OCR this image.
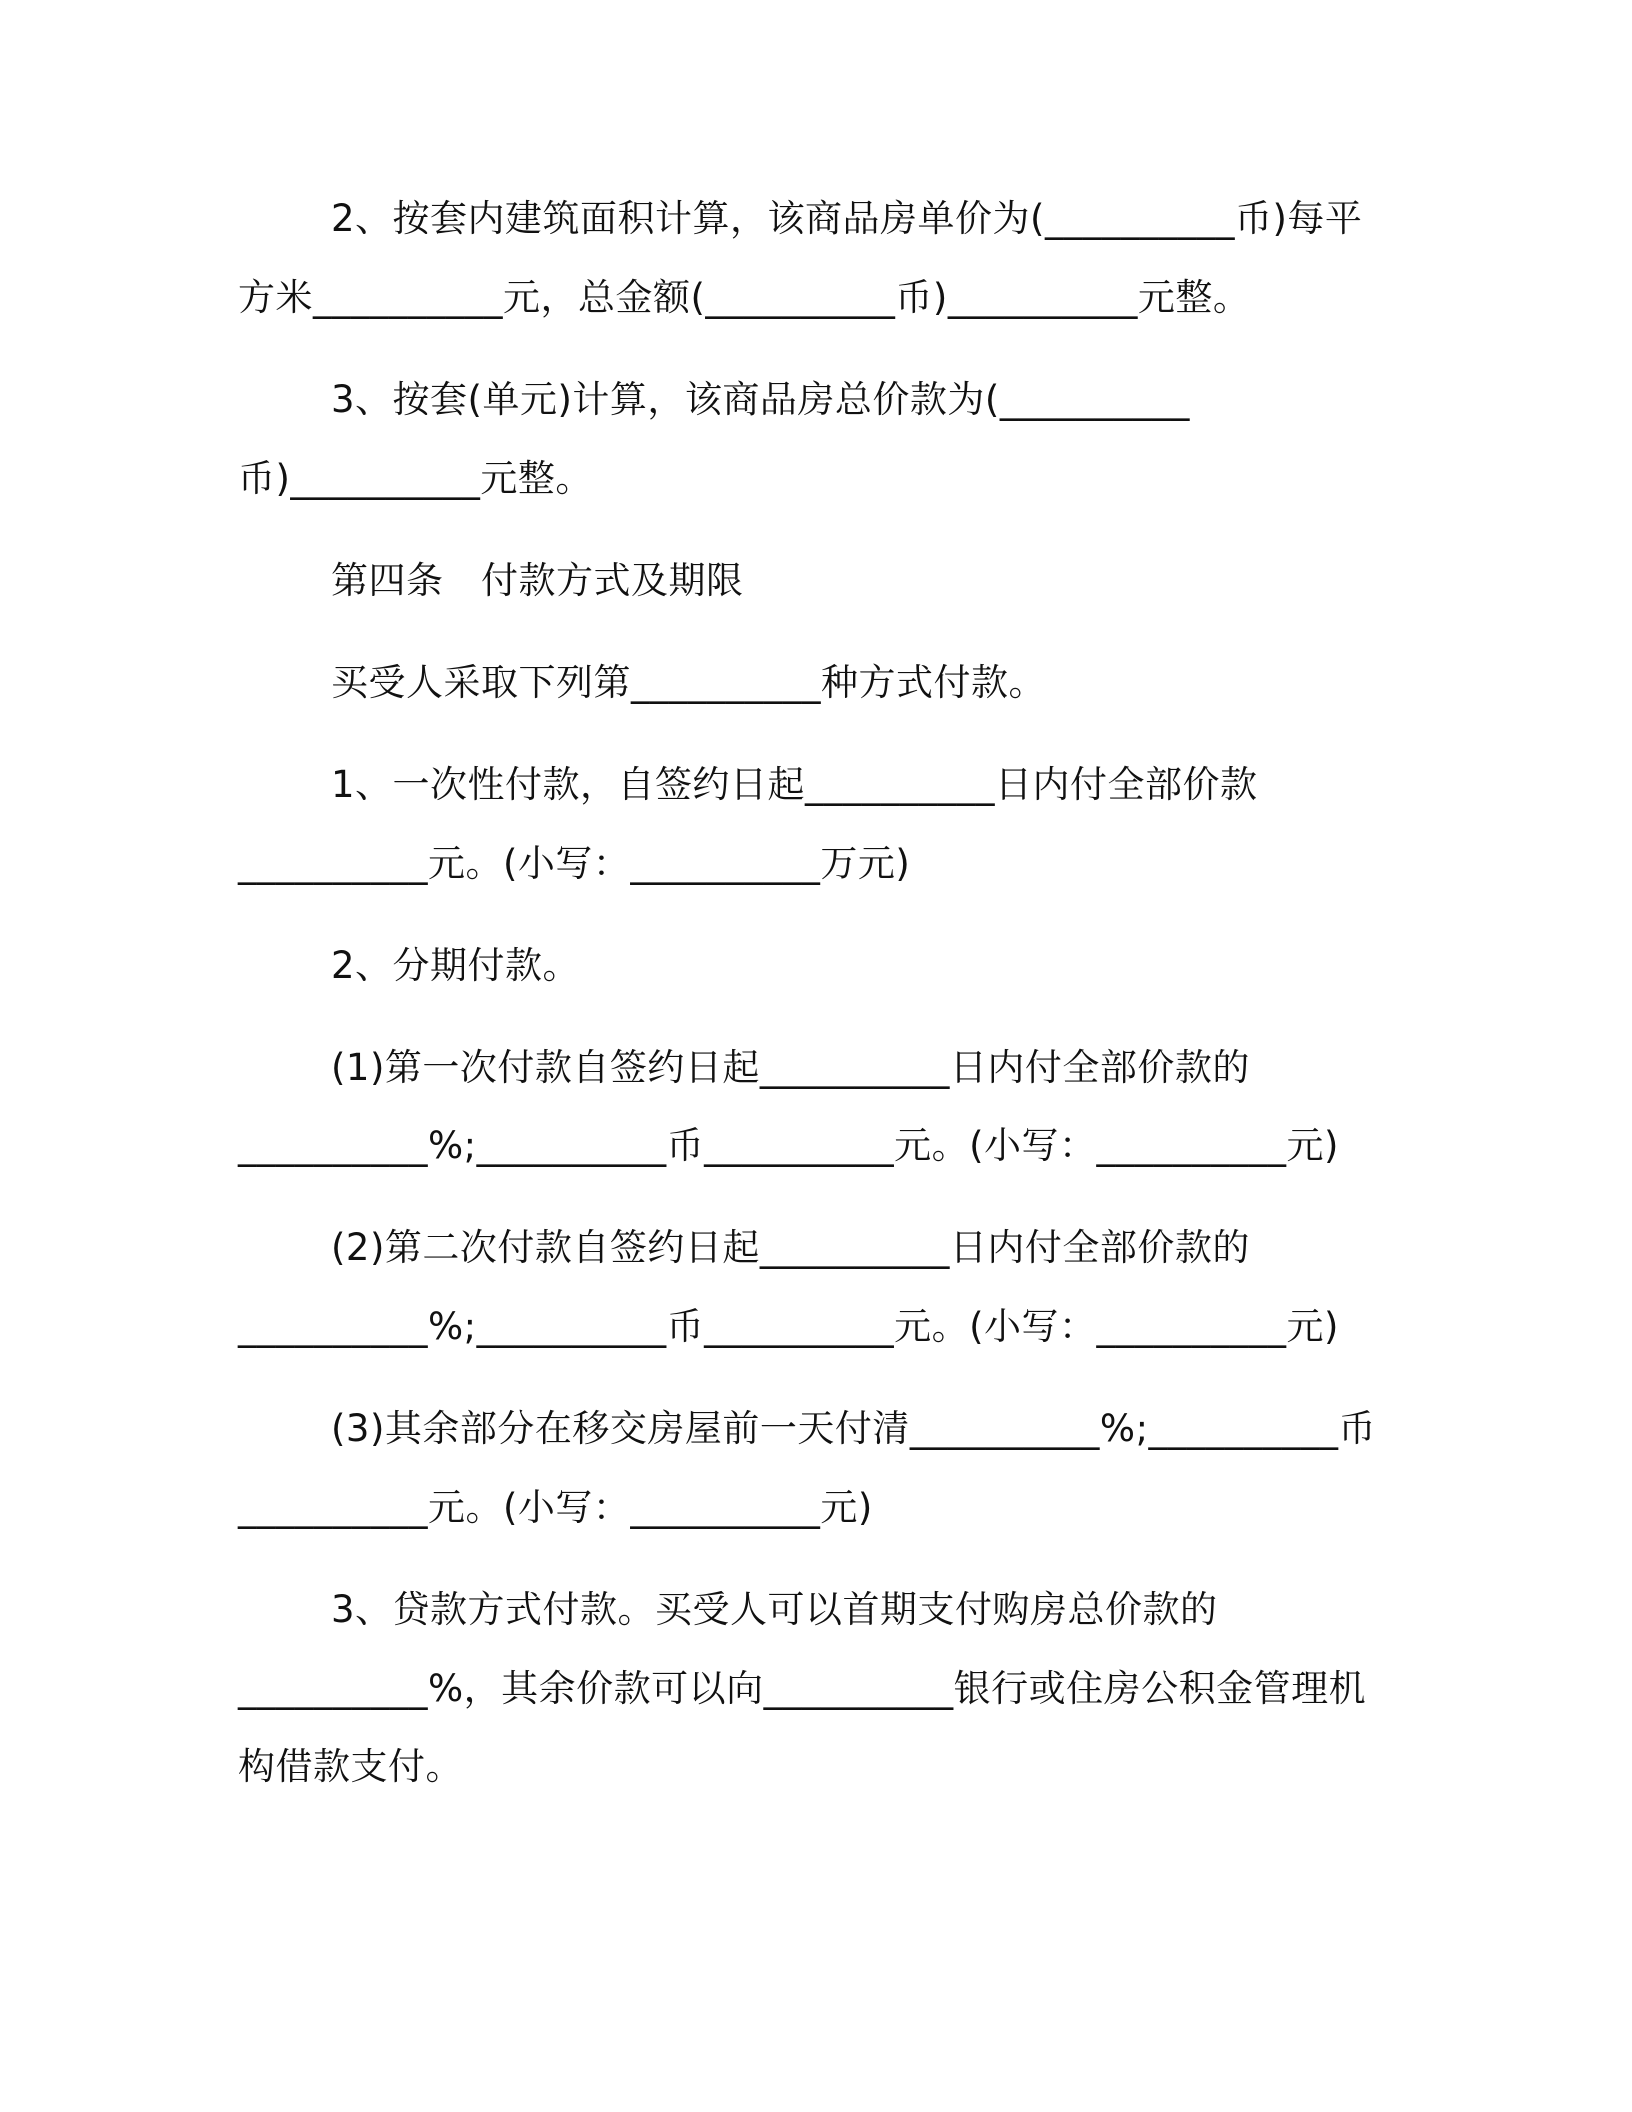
2、按套内建筑面积计算，该商品房单价为(__________币)每平
方米__________元，总金额(__________币)__________元整。
3、按套(单元)计算，该商品房总价款为(__________
币)__________元整。
第四条　付款方式及期限
买受人采取下列第__________种方式付款。
1、一次性付款，自签约日起__________日内付全部价款
__________元。(小写：__________万元)
2、分期付款。
(1)第一次付款自签约日起__________日内付全部价款的
__________%;__________币__________元。(小写：__________元)
(2)第二次付款自签约日起__________日内付全部价款的
__________%;__________币__________元。(小写：__________元)
(3)其余部分在移交房屋前一天付清__________%;__________币
__________元。(小写：__________元)
3、贷款方式付款。买受人可以首期支付购房总价款的
__________%，其余价款可以向__________银行或住房公积金管理机
构借款支付。
